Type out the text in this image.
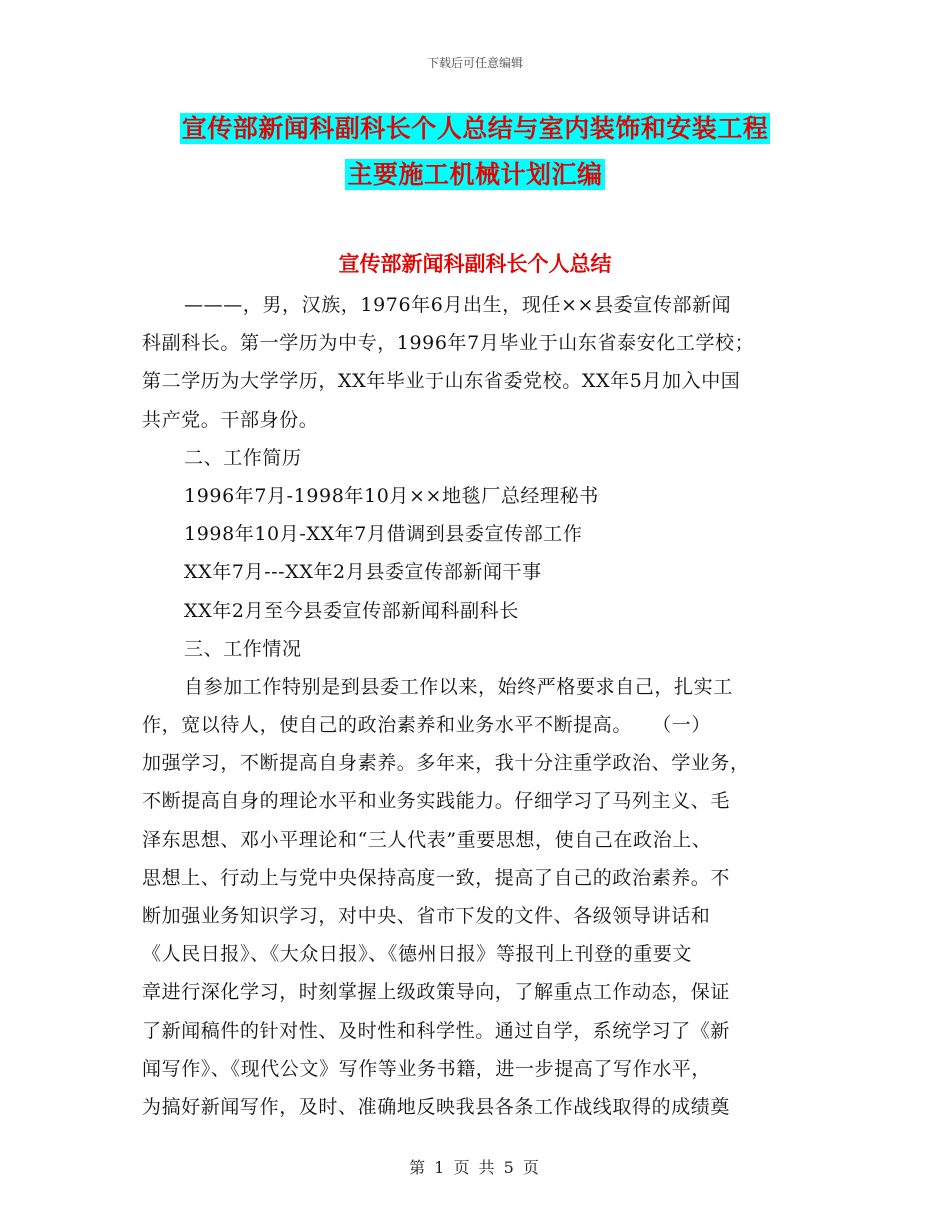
下载后可任意编辑
宣传部新闻科副科长个人总结与室内装饰和安装工程
主要施工机械计划汇编
宣传部新闻科副科长个人总结
———，男，汉族，1976年6月出生，现任××县委宣传部新闻
科副科长。第一学历为中专，1996年7月毕业于山东省泰安化工学校；
第二学历为大学学历，XX年毕业于山东省委党校。XX年5月加入中国
共产党。干部身份。
二、工作简历
1996年7月-1998年10月××地毯厂总经理秘书
1998年10月-XX年7月借调到县委宣传部工作
XX年7月---XX年2月县委宣传部新闻干事
XX年2月至今县委宣传部新闻科副科长
三、工作情况
自参加工作特别是到县委工作以来，始终严格要求自己，扎实工
作，宽以待人，使自己的政治素养和业务水平不断提高。　　（一）
加强学习，不断提高自身素养。多年来，我十分注重学政治、学业务，
不断提高自身的理论水平和业务实践能力。仔细学习了马列主义、毛
泽东思想、邓小平理论和“三人代表”重要思想，使自己在政治上、
思想上、行动上与党中央保持高度一致，提高了自己的政治素养。不
断加强业务知识学习，对中央、省市下发的文件、各级领导讲话和
《人民日报》、《大众日报》、《德州日报》等报刊上刊登的重要文
章进行深化学习，时刻掌握上级政策导向，了解重点工作动态，保证
了新闻稿件的针对性、及时性和科学性。通过自学，系统学习了《新
闻写作》、《现代公文》写作等业务书籍，进一步提高了写作水平，
为搞好新闻写作，及时、准确地反映我县各条工作战线取得的成绩奠
第 1 页 共 5 页
